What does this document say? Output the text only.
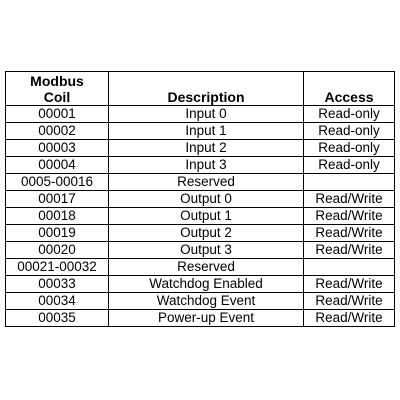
Modbus
Coil	Description	Access
00001	Input 0	Read-only
00002	Input 1	Read-only
00003	Input 2	Read-only
00004	Input 3	Read-only
0005-00016	Reserved	
00017	Output 0	Read/Write
00018	Output 1	Read/Write
00019	Output 2	Read/Write
00020	Output 3	Read/Write
00021-00032	Reserved	
00033	Watchdog Enabled	Read/Write
00034	Watchdog Event	Read/Write
00035	Power-up Event	Read/Write
